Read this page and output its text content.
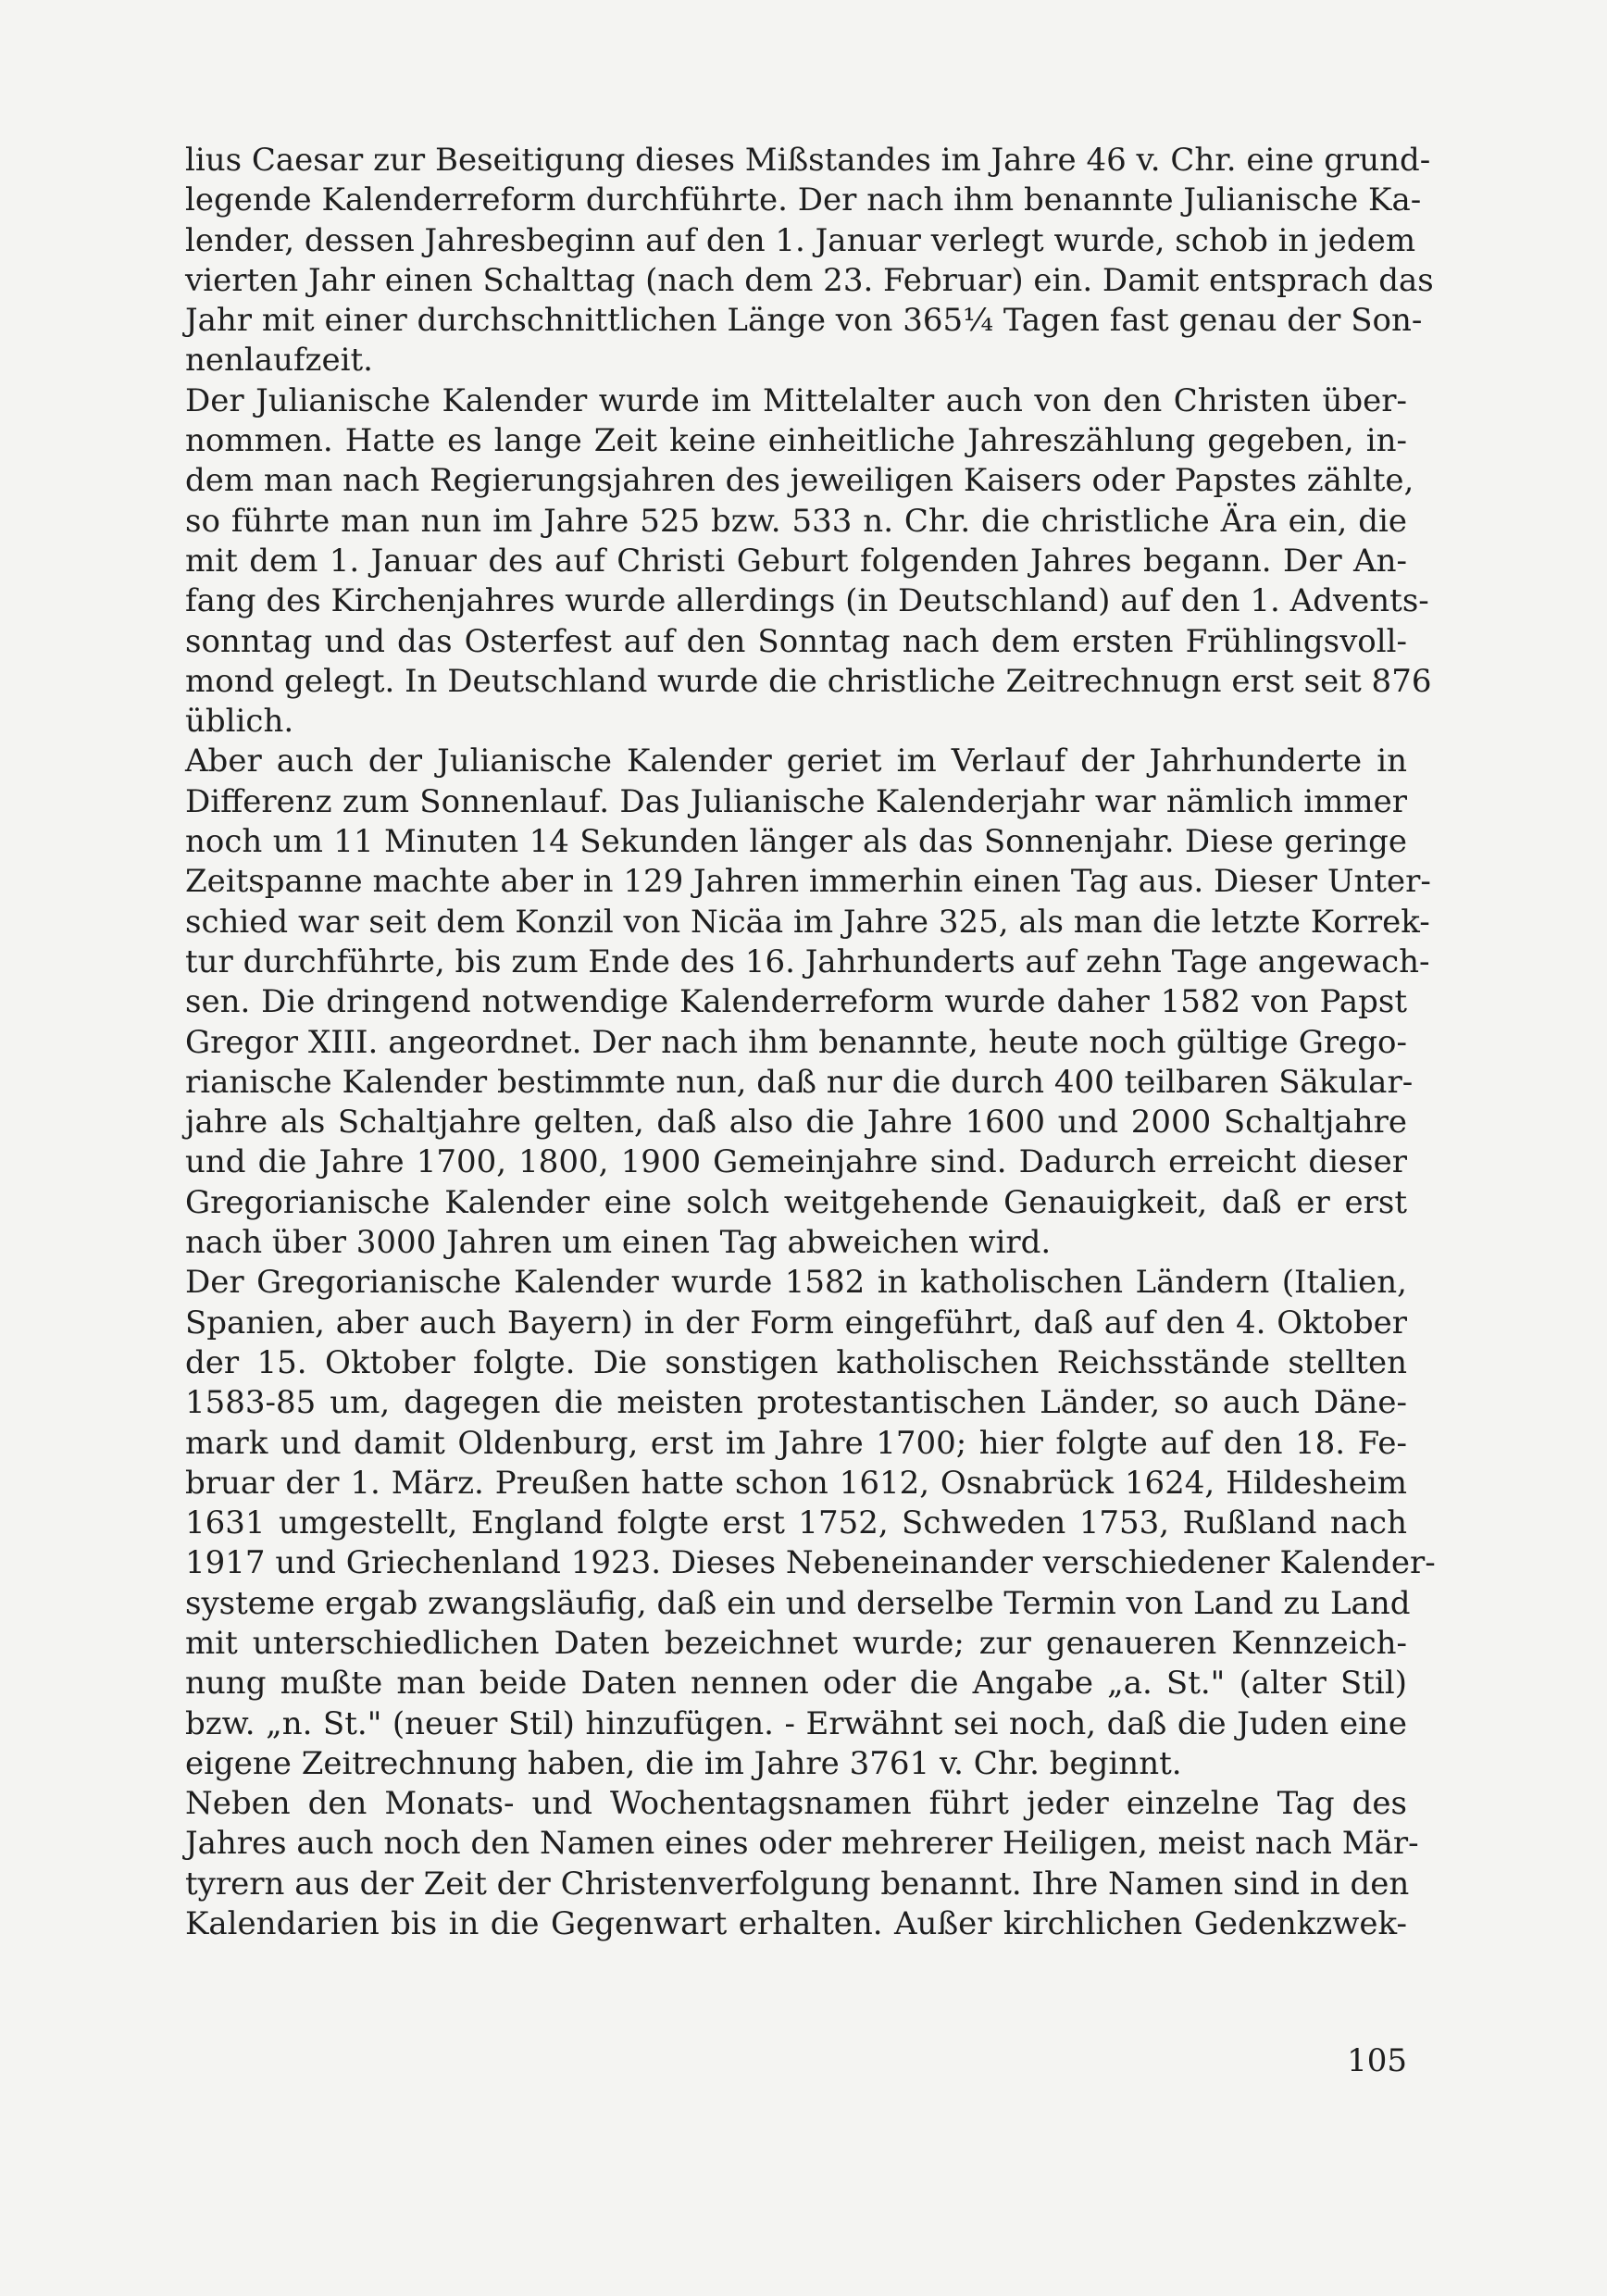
lius Caesar zur Beseitigung dieses Mißstandes im Jahre 46 v. Chr. eine grund-
legende Kalenderreform durchführte. Der nach ihm benannte Julianische Ka-
lender, dessen Jahresbeginn auf den 1. Januar verlegt wurde, schob in jedem
vierten Jahr einen Schalttag (nach dem 23. Februar) ein. Damit entsprach das
Jahr mit einer durchschnittlichen Länge von 365¼ Tagen fast genau der Son-
nenlaufzeit.
Der Julianische Kalender wurde im Mittelalter auch von den Christen über-
nommen. Hatte es lange Zeit keine einheitliche Jahreszählung gegeben, in-
dem man nach Regierungsjahren des jeweiligen Kaisers oder Papstes zählte,
so führte man nun im Jahre 525 bzw. 533 n. Chr. die christliche Ära ein, die
mit dem 1. Januar des auf Christi Geburt folgenden Jahres begann. Der An-
fang des Kirchenjahres wurde allerdings (in Deutschland) auf den 1. Advents-
sonntag und das Osterfest auf den Sonntag nach dem ersten Frühlingsvoll-
mond gelegt. In Deutschland wurde die christliche Zeitrechnugn erst seit 876
üblich.
Aber auch der Julianische Kalender geriet im Verlauf der Jahrhunderte in
Differenz zum Sonnenlauf. Das Julianische Kalenderjahr war nämlich immer
noch um 11 Minuten 14 Sekunden länger als das Sonnenjahr. Diese geringe
Zeitspanne machte aber in 129 Jahren immerhin einen Tag aus. Dieser Unter-
schied war seit dem Konzil von Nicäa im Jahre 325, als man die letzte Korrek-
tur durchführte, bis zum Ende des 16. Jahrhunderts auf zehn Tage angewach-
sen. Die dringend notwendige Kalenderreform wurde daher 1582 von Papst
Gregor XIII. angeordnet. Der nach ihm benannte, heute noch gültige Grego-
rianische Kalender bestimmte nun, daß nur die durch 400 teilbaren Säkular-
jahre als Schaltjahre gelten, daß also die Jahre 1600 und 2000 Schaltjahre
und die Jahre 1700, 1800, 1900 Gemeinjahre sind. Dadurch erreicht dieser
Gregorianische Kalender eine solch weitgehende Genauigkeit, daß er erst
nach über 3000 Jahren um einen Tag abweichen wird.
Der Gregorianische Kalender wurde 1582 in katholischen Ländern (Italien,
Spanien, aber auch Bayern) in der Form eingeführt, daß auf den 4. Oktober
der 15. Oktober folgte. Die sonstigen katholischen Reichsstände stellten
1583-85 um, dagegen die meisten protestantischen Länder, so auch Däne-
mark und damit Oldenburg, erst im Jahre 1700; hier folgte auf den 18. Fe-
bruar der 1. März. Preußen hatte schon 1612, Osnabrück 1624, Hildesheim
1631 umgestellt, England folgte erst 1752, Schweden 1753, Rußland nach
1917 und Griechenland 1923. Dieses Nebeneinander verschiedener Kalender-
systeme ergab zwangsläufig, daß ein und derselbe Termin von Land zu Land
mit unterschiedlichen Daten bezeichnet wurde; zur genaueren Kennzeich-
nung mußte man beide Daten nennen oder die Angabe „a. St." (alter Stil)
bzw. „n. St." (neuer Stil) hinzufügen. - Erwähnt sei noch, daß die Juden eine
eigene Zeitrechnung haben, die im Jahre 3761 v. Chr. beginnt.
Neben den Monats- und Wochentagsnamen führt jeder einzelne Tag des
Jahres auch noch den Namen eines oder mehrerer Heiligen, meist nach Mär-
tyrern aus der Zeit der Christenverfolgung benannt. Ihre Namen sind in den
Kalendarien bis in die Gegenwart erhalten. Außer kirchlichen Gedenkzwek-
105
